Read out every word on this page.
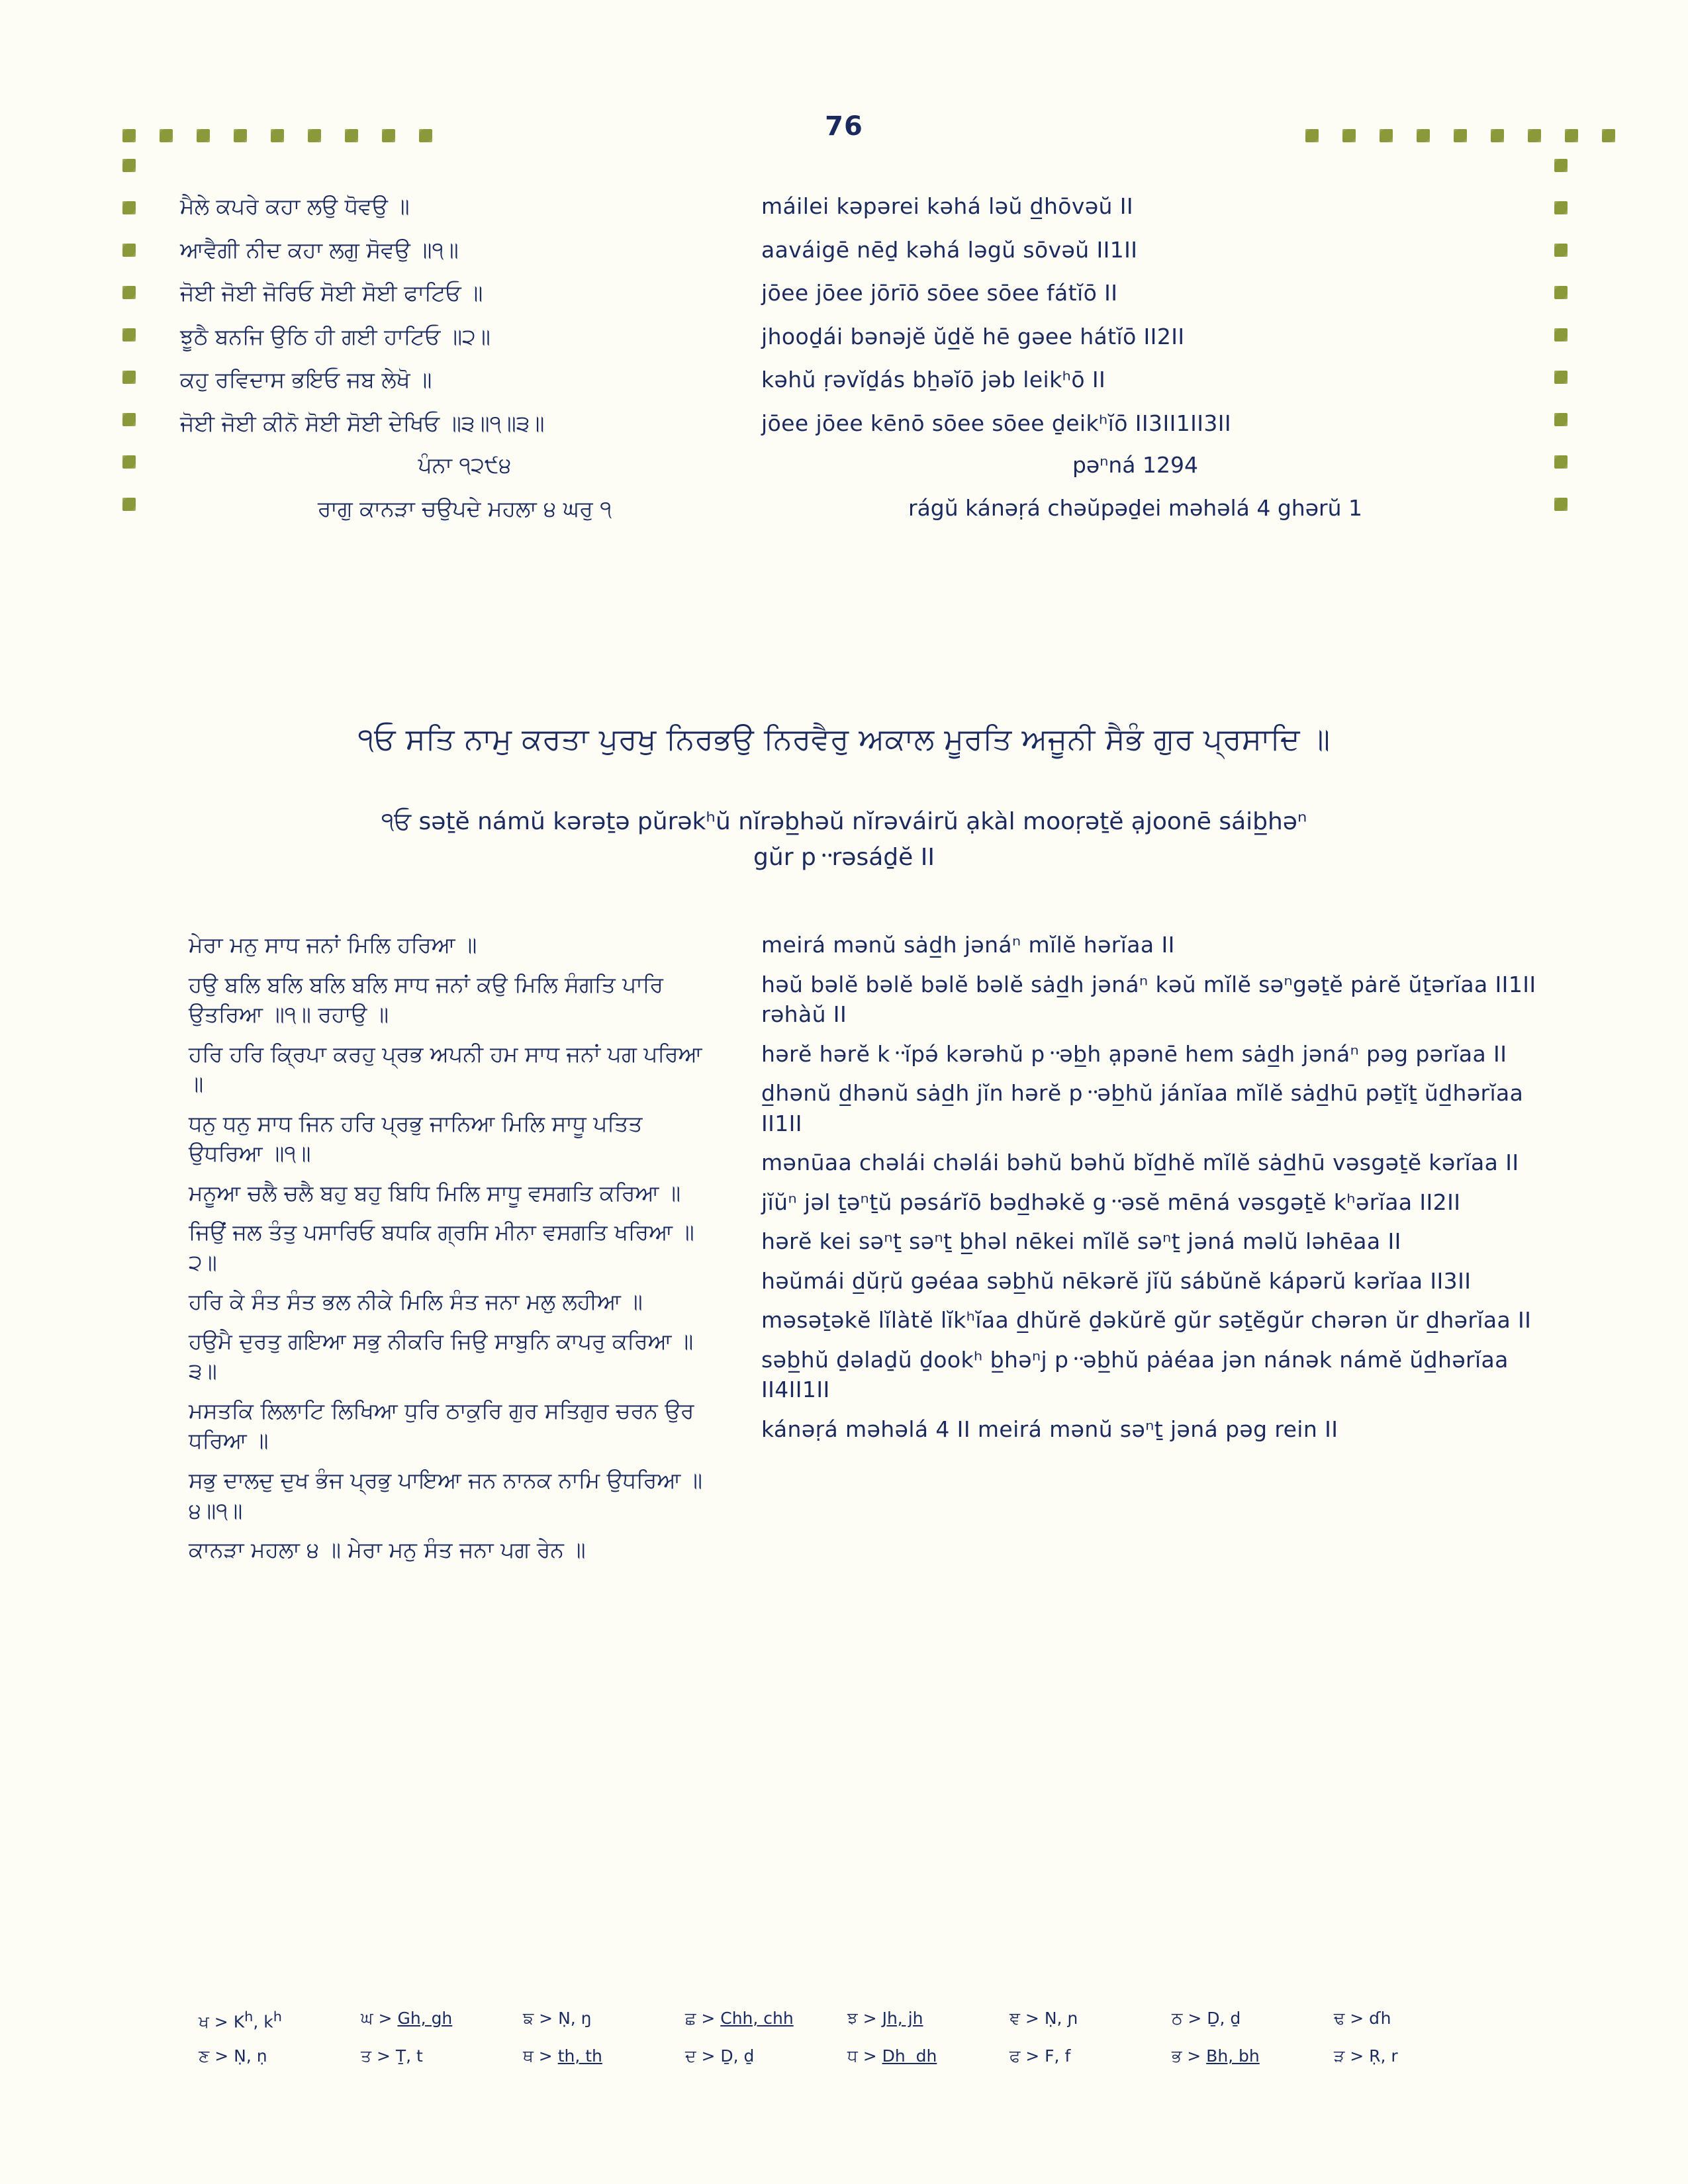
76
ਮੈਲੇ ਕਪਰੇ ਕਹਾ ਲਉ ਧੋਵਉ ॥
ਆਵੈਗੀ ਨੀਦ ਕਹਾ ਲਗੁ ਸੋਵਉ ॥੧॥
ਜੋਈ ਜੋਈ ਜੋਰਿਓ ਸੋਈ ਸੋਈ ਫਾਟਿਓ ॥
ਝੂਠੈ ਬਨਜਿ ਉਠਿ ਹੀ ਗਈ ਹਾਟਿਓ ॥੨॥
ਕਹੁ ਰਵਿਦਾਸ ਭਇਓ ਜਬ ਲੇਖੋ ॥
ਜੋਈ ਜੋਈ ਕੀਨੋ ਸੋਈ ਸੋਈ ਦੇਖਿਓ ॥੩॥੧॥੩॥
ਪੰਨਾ ੧੨੯੪
ਰਾਗੁ ਕਾਨੜਾ ਚਉਪਦੇ ਮਹਲਾ ੪ ਘਰੁ ੧
máilei kəpərei kəhá ləŭ d̲hōvəŭ II
aaváigē nēḏ kəhá ləgŭ sōvəŭ II1II
jōee jōee jōrīō sōee sōee fátĭō II
jhooḏái bənəjĕ ŭd̲ĕ hē gəee hátĭō II2II
kəhŭ ṛəvĭḏás bẖəĭō jəb leikʰō II
jōee jōee kēnō sōee sōee ḏeikʰĭō II3II1II3II
pəⁿná 1294
rágŭ kánəṛá chəŭpəḏei məhəlá 4 ghərŭ 1
੧ਓ ਸਤਿ ਨਾਮੁ ਕਰਤਾ ਪੁਰਖੁ ਨਿਰਭਉ ਨਿਰਵੈਰੁ ਅਕਾਲ ਮੂਰਤਿ ਅਜੂਨੀ ਸੈਭੰ ਗੁਰ ਪ੍ਰਸਾਦਿ ॥
੧ਓ səṯĕ námŭ kərəṯə pŭrəkʰŭ nĭrəb̲həŭ nĭrəváirŭ ạkàl mooṛəṯĕ ạjoonē sáib̲həⁿ
gŭr p᠃rəsáḏĕ II
ਮੇਰਾ ਮਨੁ ਸਾਧ ਜਨਾਂ ਮਿਲਿ ਹਰਿਆ ॥
ਹਉ ਬਲਿ ਬਲਿ ਬਲਿ ਬਲਿ ਸਾਧ ਜਨਾਂ ਕਉ ਮਿਲਿ ਸੰਗਤਿ ਪਾਰਿ ਉਤਰਿਆ ॥੧॥ ਰਹਾਉ ॥
ਹਰਿ ਹਰਿ ਕ੍ਰਿਪਾ ਕਰਹੁ ਪ੍ਰਭ ਅਪਨੀ ਹਮ ਸਾਧ ਜਨਾਂ ਪਗ ਪਰਿਆ ॥
ਧਨੁ ਧਨੁ ਸਾਧ ਜਿਨ ਹਰਿ ਪ੍ਰਭੁ ਜਾਨਿਆ ਮਿਲਿ ਸਾਧੂ ਪਤਿਤ ਉਧਰਿਆ ॥੧॥
ਮਨੂਆ ਚਲੈ ਚਲੈ ਬਹੁ ਬਹੁ ਬਿਧਿ ਮਿਲਿ ਸਾਧੂ ਵਸਗਤਿ ਕਰਿਆ ॥
ਜਿਉਂ ਜਲ ਤੰਤੁ ਪਸਾਰਿਓ ਬਧਕਿ ਗ੍ਰਸਿ ਮੀਨਾ ਵਸਗਤਿ ਖਰਿਆ ॥੨॥
ਹਰਿ ਕੇ ਸੰਤ ਸੰਤ ਭਲ ਨੀਕੇ ਮਿਲਿ ਸੰਤ ਜਨਾ ਮਲੁ ਲਹੀਆ ॥
ਹਉਮੈ ਦੁਰਤੁ ਗਇਆ ਸਭੁ ਨੀਕਰਿ ਜਿਉ ਸਾਬੁਨਿ ਕਾਪਰੁ ਕਰਿਆ ॥੩॥
ਮਸਤਕਿ ਲਿਲਾਟਿ ਲਿਖਿਆ ਧੁਰਿ ਠਾਕੁਰਿ ਗੁਰ ਸਤਿਗੁਰ ਚਰਨ ਉਰ ਧਰਿਆ ॥
ਸਭੁ ਦਾਲਦੁ ਦੁਖ ਭੰਜ ਪ੍ਰਭੁ ਪਾਇਆ ਜਨ ਨਾਨਕ ਨਾਮਿ ਉਧਰਿਆ ॥੪॥੧॥
ਕਾਨੜਾ ਮਹਲਾ ੪ ॥ ਮੇਰਾ ਮਨੁ ਸੰਤ ਜਨਾ ਪਗ ਰੇਨ ॥
meirá mənŭ sȧd̲h jənáⁿ mĭlĕ hərĭaa II
həŭ bəlĕ bəlĕ bəlĕ bəlĕ sȧd̲h jənáⁿ kəŭ mĭlĕ səⁿgəṯĕ pȧrĕ ŭṯərĭaa II1II rəhàŭ II
hərĕ hərĕ k᠃ĭpə́ kərəhŭ p᠃əb̲h ạpənē hem sȧd̲h jənáⁿ pəg pərĭaa II
d̲hənŭ d̲hənŭ sȧd̲h jĭn hərĕ p᠃əb̲hŭ jánĭaa mĭlĕ sȧd̲hū pəṯĭṯ ŭd̲hərĭaa II1II
mənūaa chəlái chəlái bəhŭ bəhŭ bĭd̲hĕ mĭlĕ sȧd̲hū vəsgəṯĕ kərĭaa II
jĭŭⁿ jəl ṯəⁿṯŭ pəsárĭō bəd̲həkĕ g᠃əsĕ mēná vəsgəṯĕ kʰərĭaa II2II
hərĕ kei səⁿṯ səⁿṯ b̲həl nēkei mĭlĕ səⁿṯ jəná məlŭ ləhēaa II
həŭmái d̲ŭṛŭ gəéaa səb̲hŭ nēkərĕ jĭŭ sábŭnĕ kápərŭ kərĭaa II3II
məsəṯəkĕ lĭlàtĕ lĭkʰĭaa d̲hŭrĕ ḏəkŭrĕ gŭr səṯĕgŭr chərən ŭr d̲hərĭaa II
səb̲hŭ ḏəlaḏŭ ḏookʰ b̲həⁿj p᠃əb̲hŭ pȧéaa jən nánək námĕ ŭd̲hərĭaa II4II1II
kánəṛá məhəlá 4 II meirá mənŭ səⁿṯ jəná pəg rein II
ਖ > $K^h$, $k^h$	ਘ > Gh, gh	ਙ > Ṇ, ŋ	ਛ > Chh, chh	ਝ > Jh, jh	ਞ > Ṇ, ɲ	ਠ > Ḏ, ḏ	ਢ > ɗh
ਣ > Ṇ, ṇ	ਤ > Ṯ, t	ਥ > th, th	ਦ > Ḏ, ḏ	ਧ > Dh  dh	ਫ > F, f	ਭ > Bh, bh	ੜ > Ṛ, r
